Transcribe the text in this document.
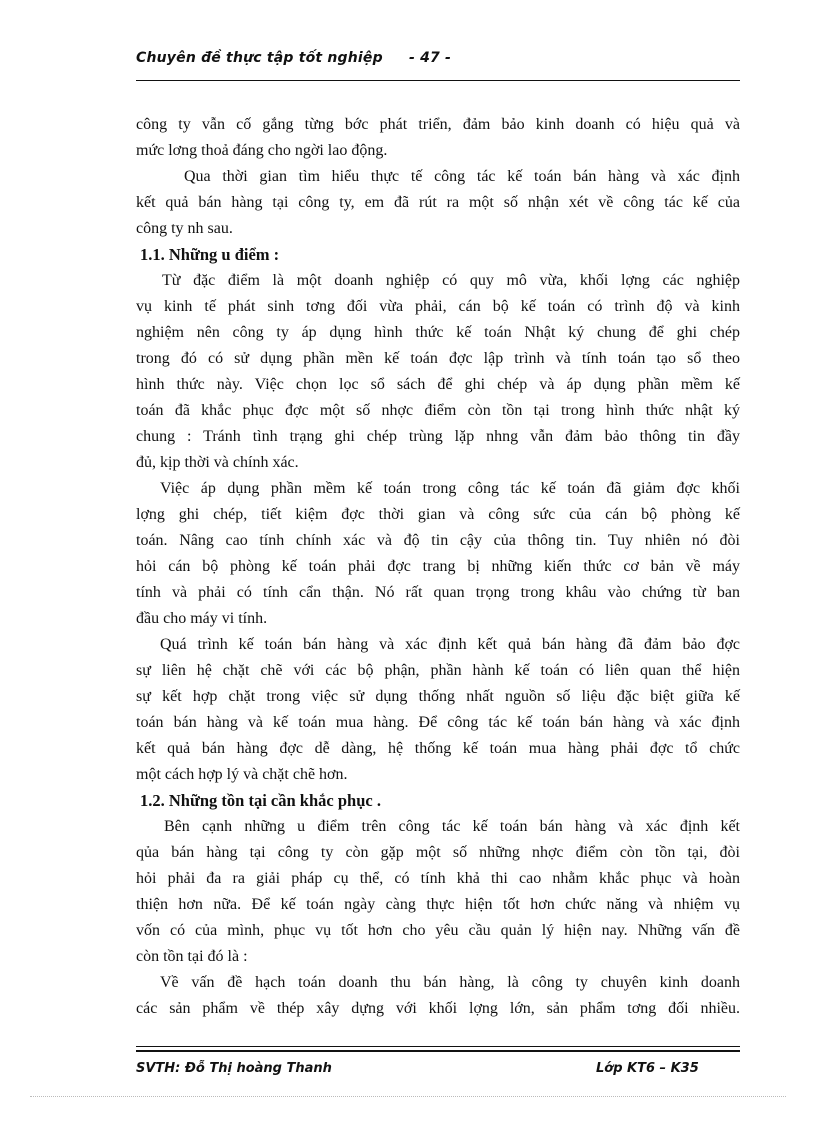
Chuyên đề thực tập tốt nghiệp - 47 -
công ty vẫn cố gắng từng bớc phát triển, đảm bảo kinh doanh có hiệu quả và
mức lơng thoả đáng cho ngời lao động.
Qua thời gian tìm hiểu thực tế công tác kế toán bán hàng và xác định
kết quả bán hàng tại công ty, em đã rút ra một số nhận xét về công tác kế của
công ty nh sau.
1.1. Những u điểm :
Từ đặc điểm là một doanh nghiệp có quy mô vừa, khối lợng các nghiệp
vụ kinh tế phát sinh tơng đối vừa phải, cán bộ kế toán có trình độ và kinh
nghiệm nên công ty áp dụng hình thức kế toán Nhật ký chung để ghi chép
trong đó có sử dụng phần mền kế toán đợc lập trình và tính toán tạo sổ theo
hình thức này. Việc chọn lọc sổ sách để ghi chép và áp dụng phần mềm kế
toán đã khắc phục đợc một số nhợc điểm còn tồn tại trong hình thức nhật ký
chung : Tránh tình trạng ghi chép trùng lặp nhng vẫn đảm bảo thông tin đầy
đủ, kịp thời và chính xác.
Việc áp dụng phần mềm kế toán trong công tác kế toán đã giảm đợc khối
lợng ghi chép, tiết kiệm đợc thời gian và công sức của cán bộ phòng kế
toán. Nâng cao tính chính xác và độ tin cậy của thông tin. Tuy nhiên nó đòi
hỏi cán bộ phòng kế toán phải đợc trang bị những kiến thức cơ bản về máy
tính và phải có tính cẩn thận. Nó rất quan trọng trong khâu vào chứng từ ban
đầu cho máy vi tính.
Quá trình kế toán bán hàng và xác định kết quả bán hàng đã đảm bảo đợc
sự liên hệ chặt chẽ với các bộ phận, phần hành kế toán có liên quan thể hiện
sự kết hợp chặt trong việc sử dụng thống nhất nguồn số liệu đặc biệt giữa kế
toán bán hàng và kế toán mua hàng. Để công tác kế toán bán hàng và xác định
kết quả bán hàng đợc dễ dàng, hệ thống kế toán mua hàng phải đợc tổ chức
một cách hợp lý và chặt chẽ hơn.
1.2. Những tồn tại cần khắc phục .
Bên cạnh những u điểm trên công tác kế toán bán hàng và xác định kết
qủa bán hàng tại công ty còn gặp một số những nhợc điểm còn tồn tại, đòi
hỏi phải đa ra giải pháp cụ thể, có tính khả thi cao nhằm khắc phục và hoàn
thiện hơn nữa. Để kế toán ngày càng thực hiện tốt hơn chức năng và nhiệm vụ
vốn có của mình, phục vụ tốt hơn cho yêu cầu quản lý hiện nay. Những vấn đề
còn tồn tại đó là :
Về vấn đề hạch toán doanh thu bán hàng, là công ty chuyên kinh doanh
các sản phẩm về thép xây dựng với khối lợng lớn, sản phẩm tơng đối nhiều.
SVTH: Đỗ Thị hoàng Thanh	Lớp KT6 – K35
